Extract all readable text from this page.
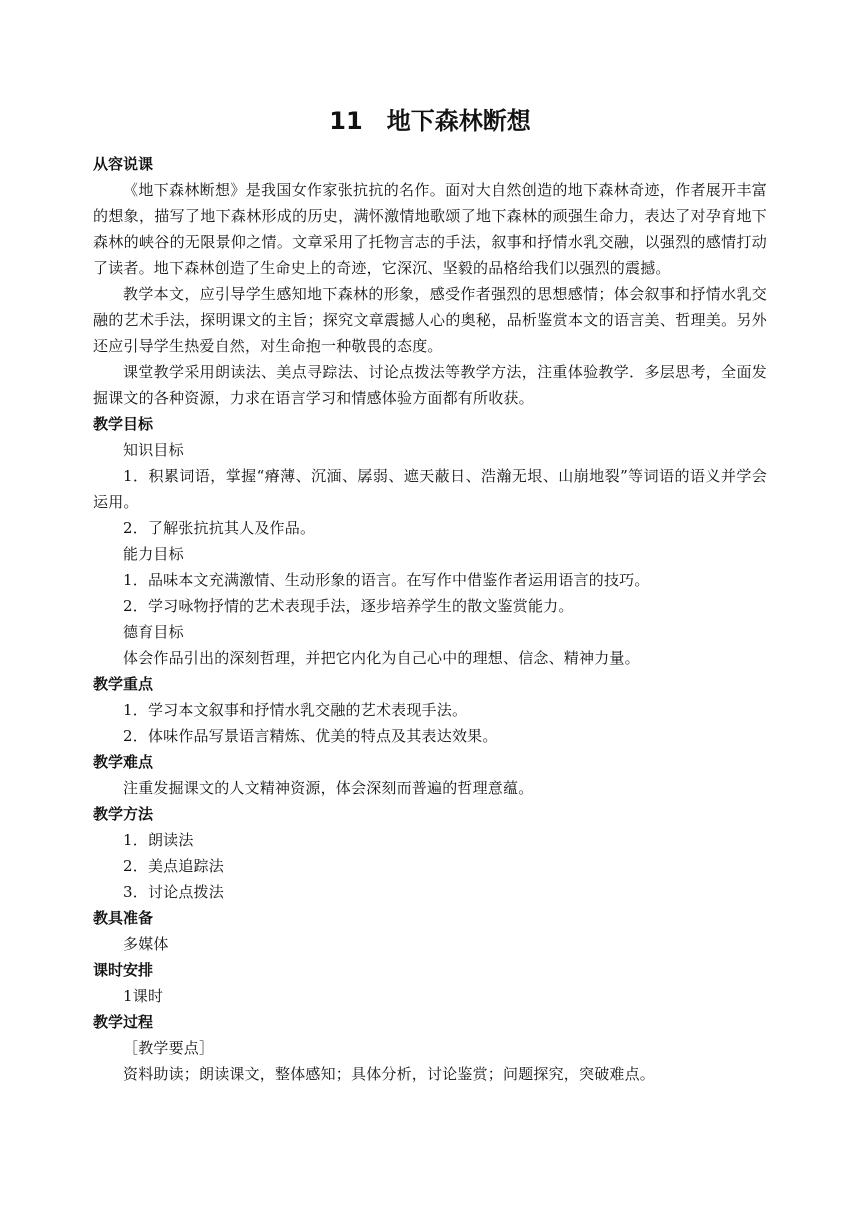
11　地下森林断想
从容说课

《地下森林断想》是我国女作家张抗抗的名作。面对大自然创造的地下森林奇迹，作者展开丰富的想象，描写了地下森林形成的历史，满怀激情地歌颂了地下森林的顽强生命力，表达了对孕育地下森林的峡谷的无限景仰之情。文章采用了托物言志的手法，叙事和抒情水乳交融，以强烈的感情打动了读者。地下森林创造了生命史上的奇迹，它深沉、坚毅的品格给我们以强烈的震撼。

教学本文，应引导学生感知地下森林的形象，感受作者强烈的思想感情；体会叙事和抒情水乳交融的艺术手法，探明课文的主旨；探究文章震撼人心的奥秘，品析鉴赏本文的语言美、哲理美。另外还应引导学生热爱自然，对生命抱一种敬畏的态度。

课堂教学采用朗读法、美点寻踪法、讨论点拨法等教学方法，注重体验教学．多层思考，全面发掘课文的各种资源，力求在语言学习和情感体验方面都有所收获。

教学目标

知识目标

1．积累词语，掌握“瘠薄、沉湎、孱弱、遮天蔽日、浩瀚无垠、山崩地裂”等词语的语义并学会运用。

2．了解张抗抗其人及作品。

能力目标

1．品味本文充满激情、生动形象的语言。在写作中借鉴作者运用语言的技巧。

2．学习咏物抒情的艺术表现手法，逐步培养学生的散文鉴赏能力。

德育目标

体会作品引出的深刻哲理，并把它内化为自己心中的理想、信念、精神力量。

教学重点

1．学习本文叙事和抒情水乳交融的艺术表现手法。

2．体味作品写景语言精炼、优美的特点及其表达效果。

教学难点

注重发掘课文的人文精神资源，体会深刻而普遍的哲理意蕴。

教学方法

1．朗读法

2．美点追踪法

3．讨论点拨法

教具准备

多媒体

课时安排

1课时

教学过程

［教学要点］

资料助读；朗读课文，整体感知；具体分析，讨论鉴赏；问题探究，突破难点。
